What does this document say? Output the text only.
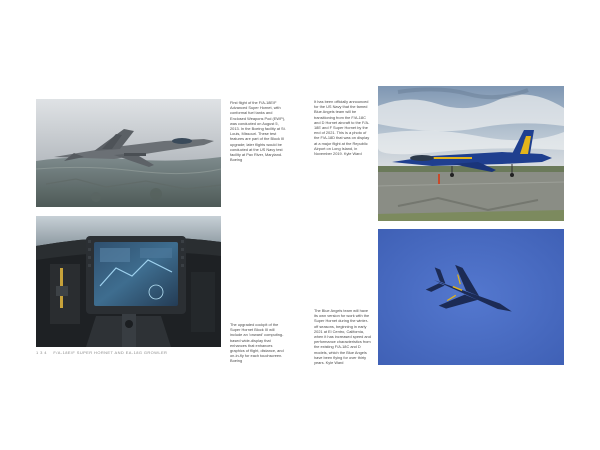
First flight of the F/A-18E/F Advanced Super Hornet, with conformal fuel tanks and Enclosed Weapons Pod (EWP), was conducted on August 5, 2013. In the Boeing facility at St. Louis, Missouri. These test features are part of the Block III upgrade; later flights would be conducted at the US Navy test facility at Pax River, Maryland. Boeing
The upgraded cockpit of the Super Hornet Block III will include an 'onward' computing-based wide-display that enhances that enhances graphics of flight, distance, and on-in-fly for each touchscreen. Boeing
1 3 4 F/A-18E/F SUPER HORNET AND EA-18G GROWLER
It has been officially announced for the US Navy that the famed Blue Angels team will be transitioning from the F/A-18C and D Hornet aircraft to the F/A-18E and F Super Hornet by the end of 2021. This is a photo of the F/A-18D that was on display at a major flight at the Republic Airport on Long Island, in November 2019. Kyle Ward
The Blue Angels team will have its own version for work with the Super Hornet during the winter-off seasons, beginning in early 2021 at El Centro, California, when it has increased speed and performance characteristics from the existing F/A-18C and D models, which the Blue Angels have been flying for over thirty years. Kyle Ward
7
